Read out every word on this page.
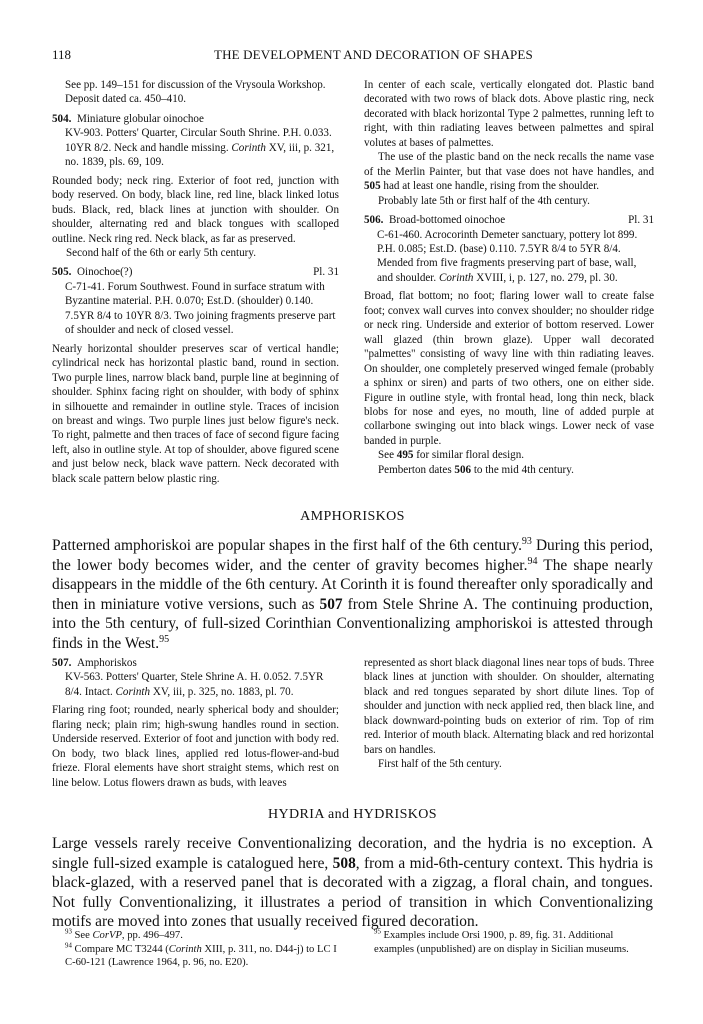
118	THE DEVELOPMENT AND DECORATION OF SHAPES

See pp. 149–151 for discussion of the Vrysoula Workshop.
Deposit dated ca. 450–410.

504. Miniature globular oinochoe

KV-903. Potters' Quarter, Circular South Shrine. P.H. 0.033. 10YR 8/2. Neck and handle missing. Corinth XV, iii, p. 321, no. 1839, pls. 69, 109.

Rounded body; neck ring. Exterior of foot red, junction with body reserved. On body, black line, red line, black linked lotus buds. Black, red, black lines at junction with shoulder. On shoulder, alternating red and black tongues with scalloped outline. Neck ring red. Neck black, as far as preserved.

Second half of the 6th or early 5th century.

505. Oinochoe(?)	Pl. 31

C-71-41. Forum Southwest. Found in surface stratum with Byzantine material. P.H. 0.070; Est.D. (shoulder) 0.140. 7.5YR 8/4 to 10YR 8/3. Two joining fragments preserve part of shoulder and neck of closed vessel.

Nearly horizontal shoulder preserves scar of vertical handle; cylindrical neck has horizontal plastic band, round in section. Two purple lines, narrow black band, purple line at beginning of shoulder. Sphinx facing right on shoulder, with body of sphinx in silhouette and remainder in outline style. Traces of incision on breast and wings. Two purple lines just below figure's neck. To right, palmette and then traces of face of second figure facing left, also in outline style. At top of shoulder, above figured scene and just below neck, black wave pattern. Neck decorated with black scale pattern below plastic ring.

In center of each scale, vertically elongated dot. Plastic band decorated with two rows of black dots. Above plastic ring, neck decorated with black horizontal Type 2 palmettes, running left to right, with thin radiating leaves between palmettes and spiral volutes at bases of palmettes.

The use of the plastic band on the neck recalls the name vase of the Merlin Painter, but that vase does not have handles, and 505 had at least one handle, rising from the shoulder.

Probably late 5th or first half of the 4th century.

506. Broad-bottomed oinochoe	Pl. 31

C-61-460. Acrocorinth Demeter sanctuary, pottery lot 899. P.H. 0.085; Est.D. (base) 0.110. 7.5YR 8/4 to 5YR 8/4. Mended from five fragments preserving part of base, wall, and shoulder. Corinth XVIII, i, p. 127, no. 279, pl. 30.

Broad, flat bottom; no foot; flaring lower wall to create false foot; convex wall curves into convex shoulder; no shoulder ridge or neck ring. Underside and exterior of bottom reserved. Lower wall glazed (thin brown glaze). Upper wall decorated "palmettes" consisting of wavy line with thin radiating leaves. On shoulder, one completely preserved winged female (probably a sphinx or siren) and parts of two others, one on either side. Figure in outline style, with frontal head, long thin neck, black blobs for nose and eyes, no mouth, line of added purple at collarbone swinging out into black wings. Lower neck of vase banded in purple.

See 495 for similar floral design.

Pemberton dates 506 to the mid 4th century.

AMPHORISKOS
Patterned amphoriskoi are popular shapes in the first half of the 6th century.$^{93}$ During this period, the lower body becomes wider, and the center of gravity becomes higher.$^{94}$ The shape nearly disappears in the middle of the 6th century. At Corinth it is found thereafter only sporadically and then in miniature votive versions, such as 507 from Stele Shrine A. The continuing production, into the 5th century, of full-sized Corinthian Conventionalizing amphoriskoi is attested through finds in the West.$^{95}$
507. Amphoriskos

KV-563. Potters' Quarter, Stele Shrine A. H. 0.052. 7.5YR 8/4. Intact. Corinth XV, iii, p. 325, no. 1883, pl. 70.

Flaring ring foot; rounded, nearly spherical body and shoulder; flaring neck; plain rim; high-swung handles round in section. Underside reserved. Exterior of foot and junction with body red. On body, two black lines, applied red lotus-flower-and-bud frieze. Floral elements have short straight stems, which rest on line below. Lotus flowers drawn as buds, with leaves

represented as short black diagonal lines near tops of buds. Three black lines at junction with shoulder. On shoulder, alternating black and red tongues separated by short dilute lines. Top of shoulder and junction with neck applied red, then black line, and black downward-pointing buds on exterior of rim. Top of rim red. Interior of mouth black. Alternating black and red horizontal bars on handles.

First half of the 5th century.

HYDRIA and HYDRISKOS
Large vessels rarely receive Conventionalizing decoration, and the hydria is no exception. A single full-sized example is catalogued here, 508, from a mid-6th-century context. This hydria is black-glazed, with a reserved panel that is decorated with a zigzag, a floral chain, and tongues. Not fully Conventionalizing, it illustrates a period of transition in which Conventionalizing motifs are moved into zones that usually received figured decoration.

$^{93}$ See CorVP, pp. 496–497.

$^{94}$ Compare MC T3244 (Corinth XIII, p. 311, no. D44-j) to LC I C-60-121 (Lawrence 1964, p. 96, no. E20).

$^{95}$ Examples include Orsi 1900, p. 89, fig. 31. Additional examples (unpublished) are on display in Sicilian museums.
